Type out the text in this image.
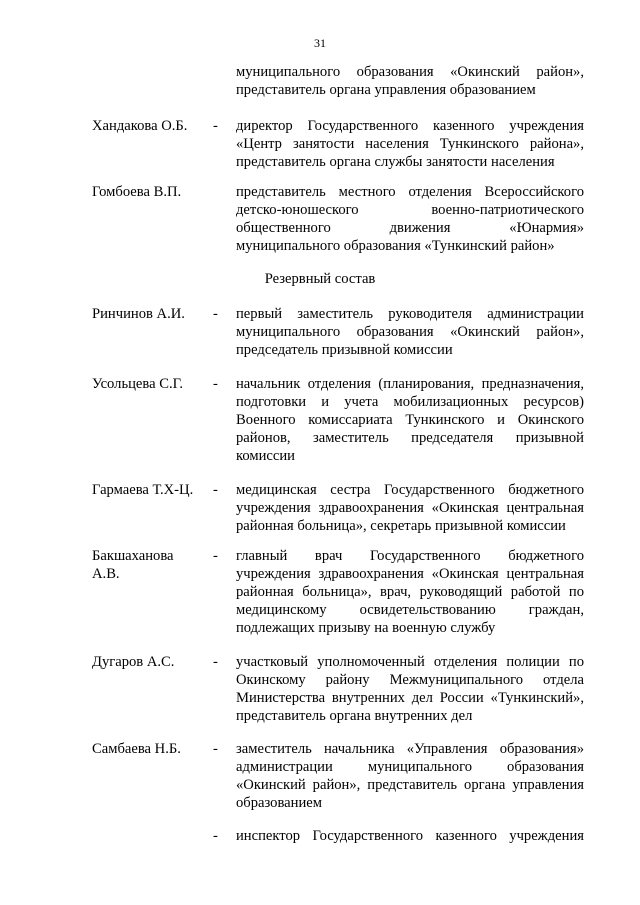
31
муниципального образования «Окинский район»,
представитель органа управления образованием
Хандакова О.Б.	- директор Государственного казенного учреждения
«Центр занятости населения Тункинского района»,
представитель органа службы занятости населения
Гомбоева В.П.	представитель местного отделения Всероссийского
детско-юношеского военно-патриотического
общественного движения «Юнармия»
муниципального образования «Тункинский район»
Резервный состав
Ринчинов А.И.	- первый заместитель руководителя администрации
муниципального образования «Окинский район»,
председатель призывной комиссии
Усольцева С.Г.	- начальник отделения (планирования, предназначения,
подготовки и учета мобилизационных ресурсов)
Военного комиссариата Тункинского и Окинского
районов, заместитель председателя призывной
комиссии
Гармаева Т.Х-Ц.	- медицинская сестра Государственного бюджетного
учреждения здравоохранения «Окинская центральная
районная больница», секретарь призывной комиссии
Бакшаханова А.В.
- главный врач Государственного бюджетного
учреждения здравоохранения «Окинская центральная
районная больница», врач, руководящий работой по
медицинскому освидетельствованию граждан,
подлежащих призыву на военную службу
Дугаров А.С.	- участковый уполномоченный отделения полиции по
Окинскому району Межмуниципального отдела
Министерства внутренних дел России «Тункинский»,
представитель органа внутренних дел
Самбаева Н.Б.	- заместитель начальника «Управления образования»
администрации муниципального образования
«Окинский район», представитель органа управления
образованием
- инспектор Государственного казенного учреждения
